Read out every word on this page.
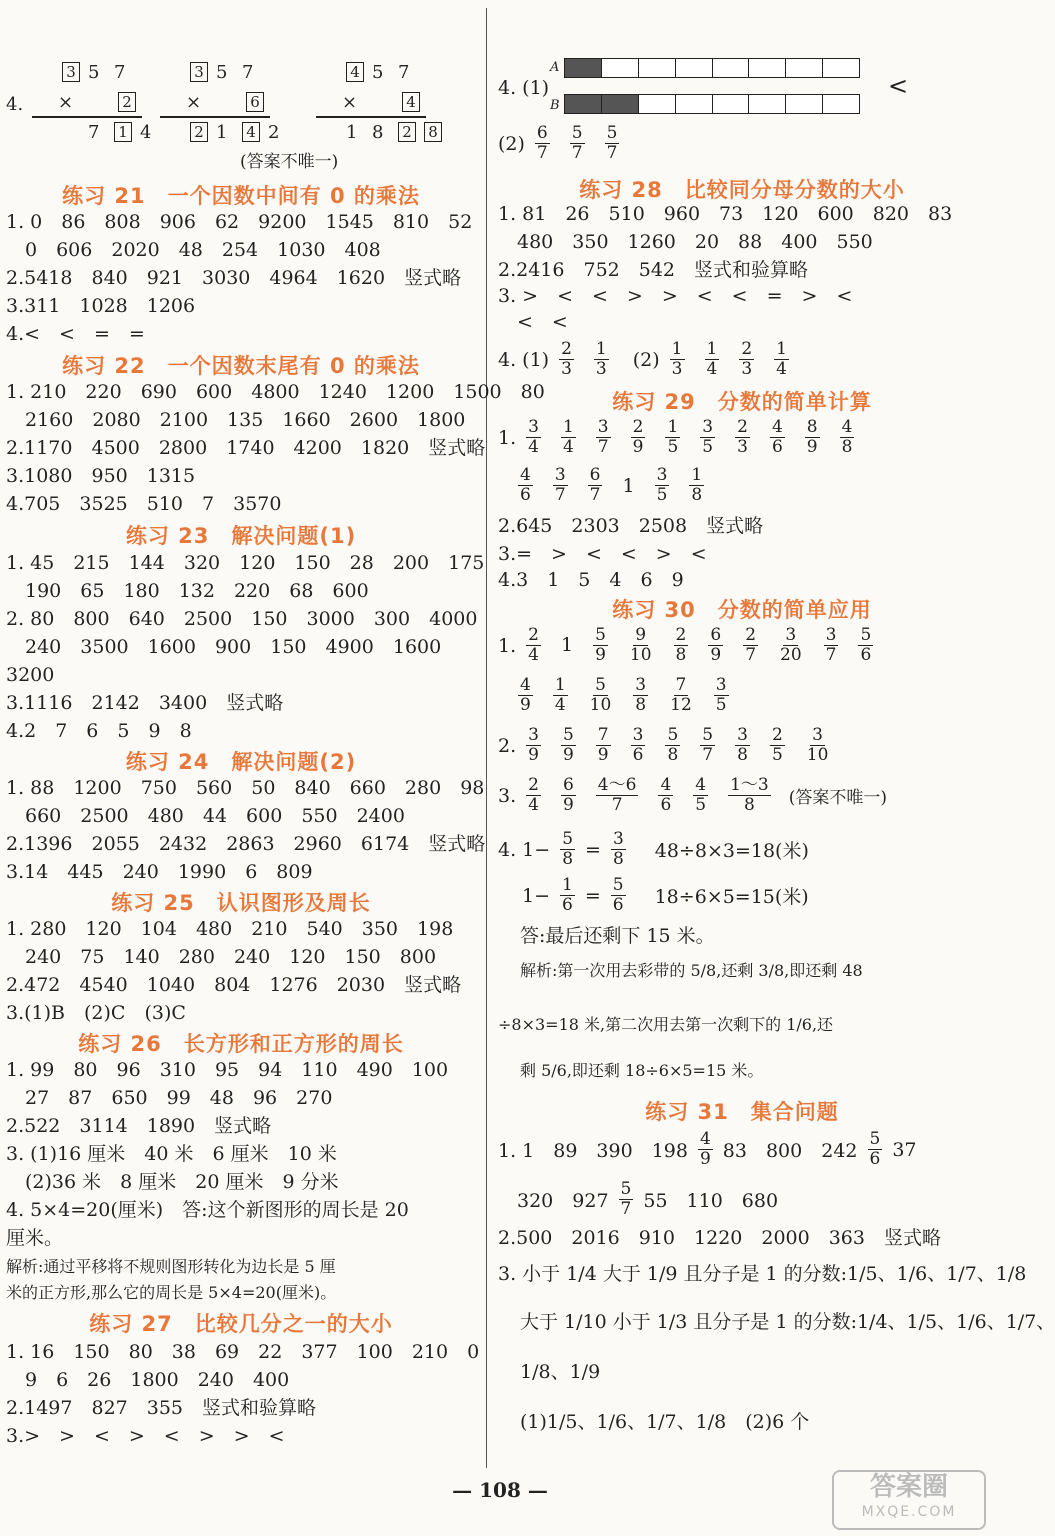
4.
3 5 7
×	2
7 1 4
3 5 7
×	6
2 1 4 2
4 5 7
×	4
1 8 2 8
(答案不唯一)
练习 21　一个因数中间有 0 的乘法
1. 0　86　808　906　62　9200　1545　810　52
　0　606　2020　48　254　1030　408
2.5418　840　921　3030　4964　1620　竖式略
3.311　1028　1206
4.<　<　=　=
练习 22　一个因数末尾有 0 的乘法
1. 210　220　690　600　4800　1240　1200　1500　80
　2160　2080　2100　135　1660　2600　1800
2.1170　4500　2800　1740　4200　1820　竖式略
3.1080　950　1315
4.705　3525　510　7　3570
练习 23　解决问题(1)
1. 45　215　144　320　120　150　28　200　175
　190　65　180　132　220　68　600
2. 80　800　640　2500　150　3000　300　4000
　240　3500　1600　900　150　4900　1600
3200
3.1116　2142　3400　竖式略
4.2　7　6　5　9　8
练习 24　解决问题(2)
1. 88　1200　750　560　50　840　660　280　98
　660　2500　480　44　600　550　2400
2.1396　2055　2432　2863　2960　6174　竖式略
3.14　445　240　1990　6　809
练习 25　认识图形及周长
1. 280　120　104　480　210　540　350　198
　240　75　140　280　240　120　150　800
2.472　4540　1040　804　1276　2030　竖式略
3.(1)B　(2)C　(3)C
练习 26　长方形和正方形的周长
1. 99　80　96　310　95　94　110　490　100
　27　87　650　99　48　96　270
2.522　3114　1890　竖式略
3. (1)16 厘米　40 米　6 厘米　10 米
　(2)36 米　8 厘米　20 厘米　9 分米
4. 5×4=20(厘米)　答:这个新图形的周长是 20
厘米。
解析:通过平移将不规则图形转化为边长是 5 厘
米的正方形,那么它的周长是 5×4=20(厘米)。
练习 27　比较几分之一的大小
1. 16　150　80　38　69　22　377　100　210　0
　9　6　26　1800　240　400
2.1497　827　355　竖式和验算略
3.>　>　<　>　<　>　>　<
4. (1)
A
B
<
$(2) \frac{6}{7} \frac{5}{7} \frac{5}{7}$
练习 28　比较同分母分数的大小
1. 81　26　510　960　73　120　600　820　83
　480　350　1260　20　88　400　550
2.2416　752　542　竖式和验算略
3. >　<　<　>　>　<　<　=　>　<
　<　<
4. $(1) \frac{2}{3} \frac{1}{3} (2) \frac{1}{3} \frac{1}{4} \frac{2}{3} \frac{1}{4}$
练习 29　分数的简单计算
1. $\frac{3}{4} \frac{1}{4} \frac{3}{7} \frac{2}{9} \frac{1}{5} \frac{3}{5} \frac{2}{3} \frac{4}{6} \frac{8}{9} \frac{4}{8}$
$\frac{4}{6} \frac{3}{7} \frac{6}{7} 1 \frac{3}{5} \frac{1}{8}$
2.645　2303　2508　竖式略
3.=　>　<　<　>　<
4.3　1　5　4　6　9
练习 30　分数的简单应用
1. $\frac{2}{4} 1 \frac{5}{9} \frac{9}{10} \frac{2}{8} \frac{6}{9} \frac{2}{7} \frac{3}{20} \frac{3}{7} \frac{5}{6}$
$\frac{4}{9} \frac{1}{4} \frac{5}{10} \frac{3}{8} \frac{7}{12} \frac{3}{5}$
2. $\frac{3}{9} \frac{5}{9} \frac{7}{9} \frac{3}{6} \frac{5}{8} \frac{5}{7} \frac{3}{8} \frac{2}{5} \frac{3}{10}$
3. $\frac{2}{4} \frac{6}{9} \frac{4\sim 6}{7} \frac{4}{6} \frac{4}{5} \frac{1\sim 3}{8}$ (答案不唯一)
4. $1- \frac{5}{8} = \frac{3}{8}$ 　48÷8×3=18(米)
$1- \frac{1}{6} = \frac{5}{6}$ 　18÷6×5=15(米)
答:最后还剩下 15 米。
解析:第一次用去彩带的 5/8,还剩 3/8,即还剩 48
÷8×3=18 米,第二次用去第一次剩下的 1/6,还
剩 5/6,即还剩 18÷6×5=15 米。
练习 31　集合问题
1. 1　89　390　$198 \frac{4}{9} 83$　800　$242 \frac{5}{6} 37$
　320　$927 \frac{5}{7} 55$　110　680
2.500　2016　910　1220　2000　363　竖式略
3. 小于 1/4 大于 1/9 且分子是 1 的分数:1/5、1/6、1/7、1/8
大于 1/10 小于 1/3 且分子是 1 的分数:1/4、1/5、1/6、1/7、
1/8、1/9
(1)1/5、1/6、1/7、1/8　(2)6 个
— 108 —	答案圈
MXQE.COM
